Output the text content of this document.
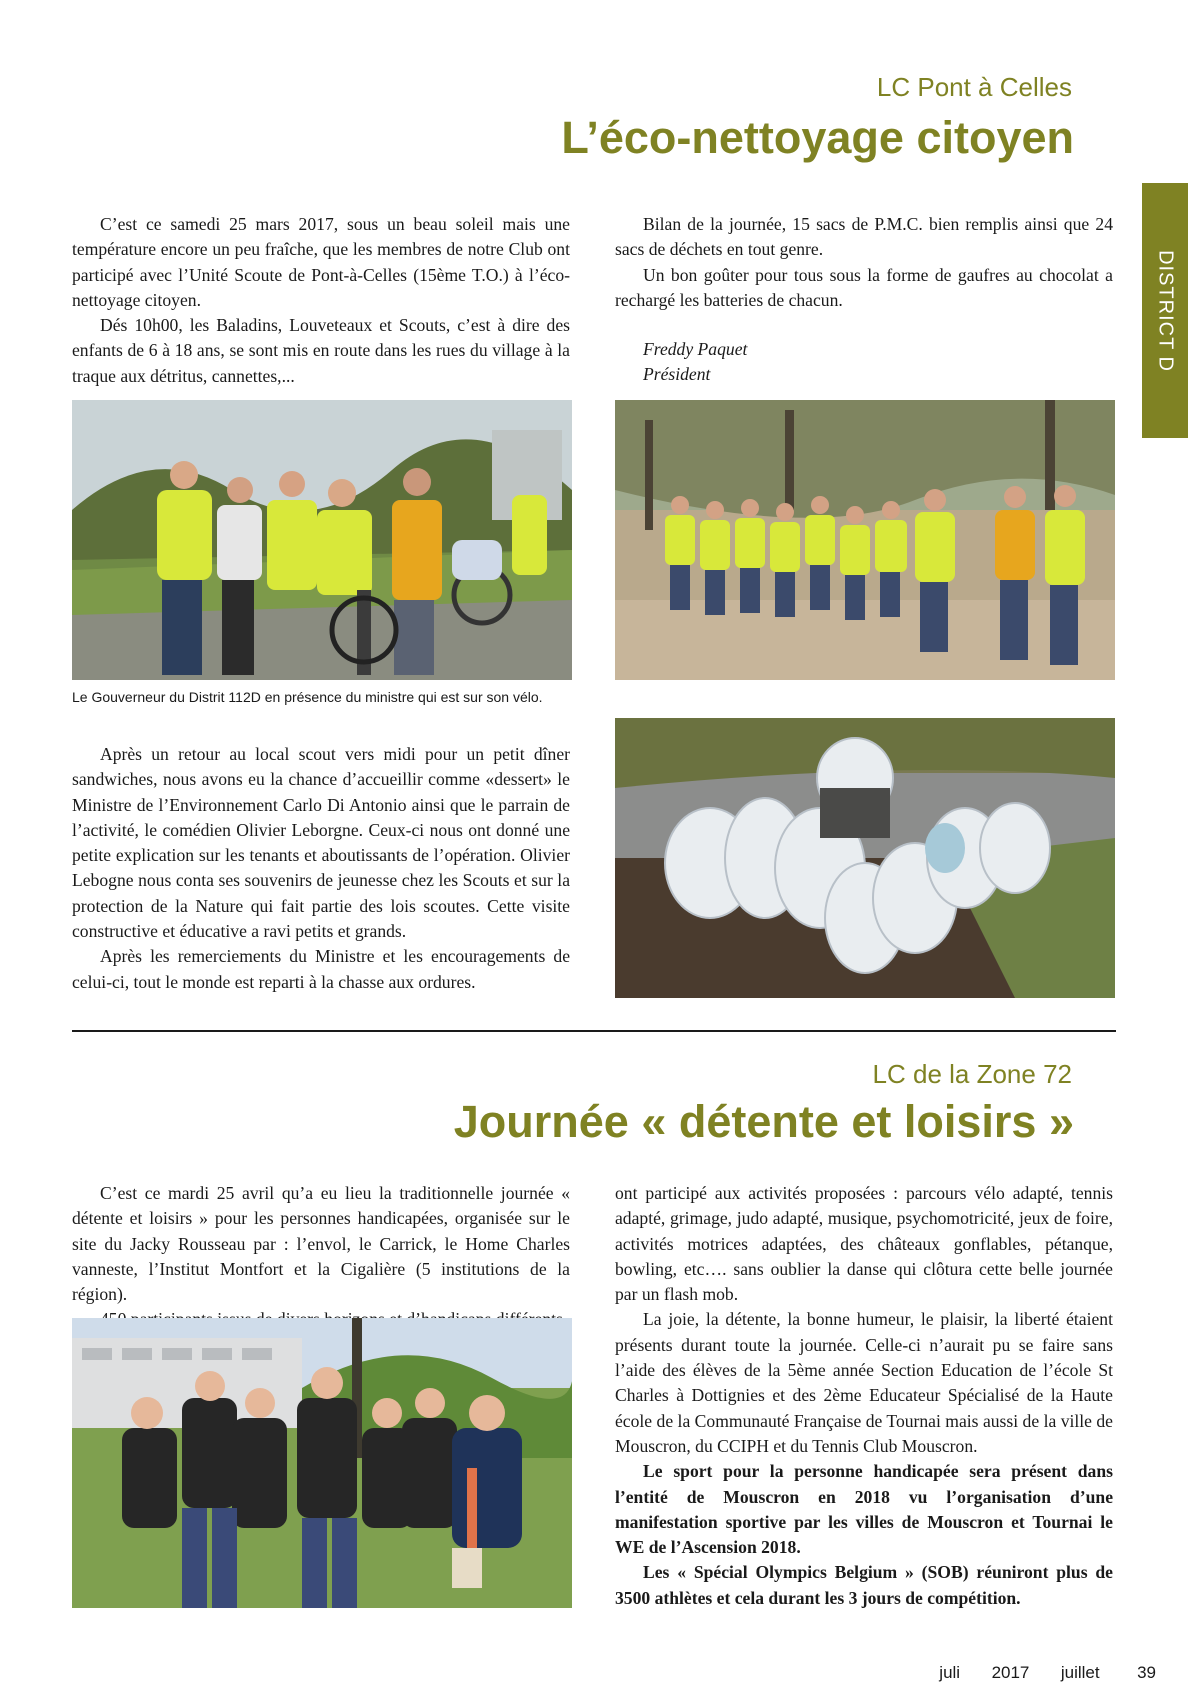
DISTRICT D
LC Pont à Celles
L’éco-nettoyage citoyen

C’est ce samedi 25 mars 2017, sous un beau soleil mais une température encore un peu fraîche, que les membres de notre Club ont participé avec l’Unité Scoute de Pont-à-Celles (15ème T.O.) à l’éco-nettoyage citoyen.

Dés 10h00, les Baladins, Louveteaux et Scouts, c’est à dire des enfants de 6 à 18 ans, se sont mis en route dans les rues du village à la traque aux détritus, cannettes,...

Bilan de la journée, 15 sacs de P.M.C. bien remplis ainsi que 24 sacs de déchets en tout genre.

Un bon goûter pour tous sous la forme de gaufres au chocolat a rechargé les batteries de chacun.

Freddy Paquet
Président
Le Gouverneur du Distrit 112D en présence du ministre qui est sur son vélo.

Après un retour au local scout vers midi pour un petit dîner sandwiches, nous avons eu la chance d’accueillir comme «dessert» le Ministre de l’Environnement Carlo Di Antonio ainsi que le parrain de l’activité, le comédien Olivier Leborgne. Ceux-ci nous ont donné une petite explication sur les tenants et aboutissants de l’opération. Olivier Lebogne nous conta ses souvenirs de jeunesse chez les Scouts et sur la protection de la Nature qui fait partie des lois scoutes. Cette visite constructive et éducative a ravi petits et grands.

Après les remerciements du Ministre et les encouragements de celui-ci, tout le monde est reparti à la chasse aux ordures.

LC de la Zone 72
Journée « détente et loisirs »

C’est ce mardi 25 avril qu’a eu lieu la traditionnelle journée « détente et loisirs » pour les personnes handicapées, organisée sur le site du Jacky Rousseau par : l’envol, le Carrick, le Home Charles vanneste, l’Institut Montfort et la Cigalière (5 institutions de la région).

ont participé aux activités proposées : parcours vélo adapté, tennis adapté, grimage, judo adapté, musique, psychomotricité, jeux de foire, activités motrices adaptées, des châteaux gonflables, pétanque, bowling, etc…. sans oublier la danse qui clôtura cette belle journée par un flash mob.

La joie, la détente, la bonne humeur, le plaisir, la liberté étaient présents durant toute la journée. Celle-ci n’aurait pu se faire sans l’aide des élèves de la 5ème année Section Education de l’école St Charles à Dottignies et des 2ème Educateur Spécialisé de la Haute école de la Communauté Française de Tournai mais aussi de la ville de Mouscron, du CCIPH et du Tennis Club Mouscron.

Le sport pour la personne handicapée sera présent dans l’entité de Mouscron en 2018 vu l’organisation d’une manifestation sportive par les villes de Mouscron et Tournai le WE de l’Ascension 2018.

Les « Spécial Olympics Belgium » (SOB) réuniront plus de 3500 athlètes et cela durant les 3 jours de compétition.

juli 2017 juillet 39
